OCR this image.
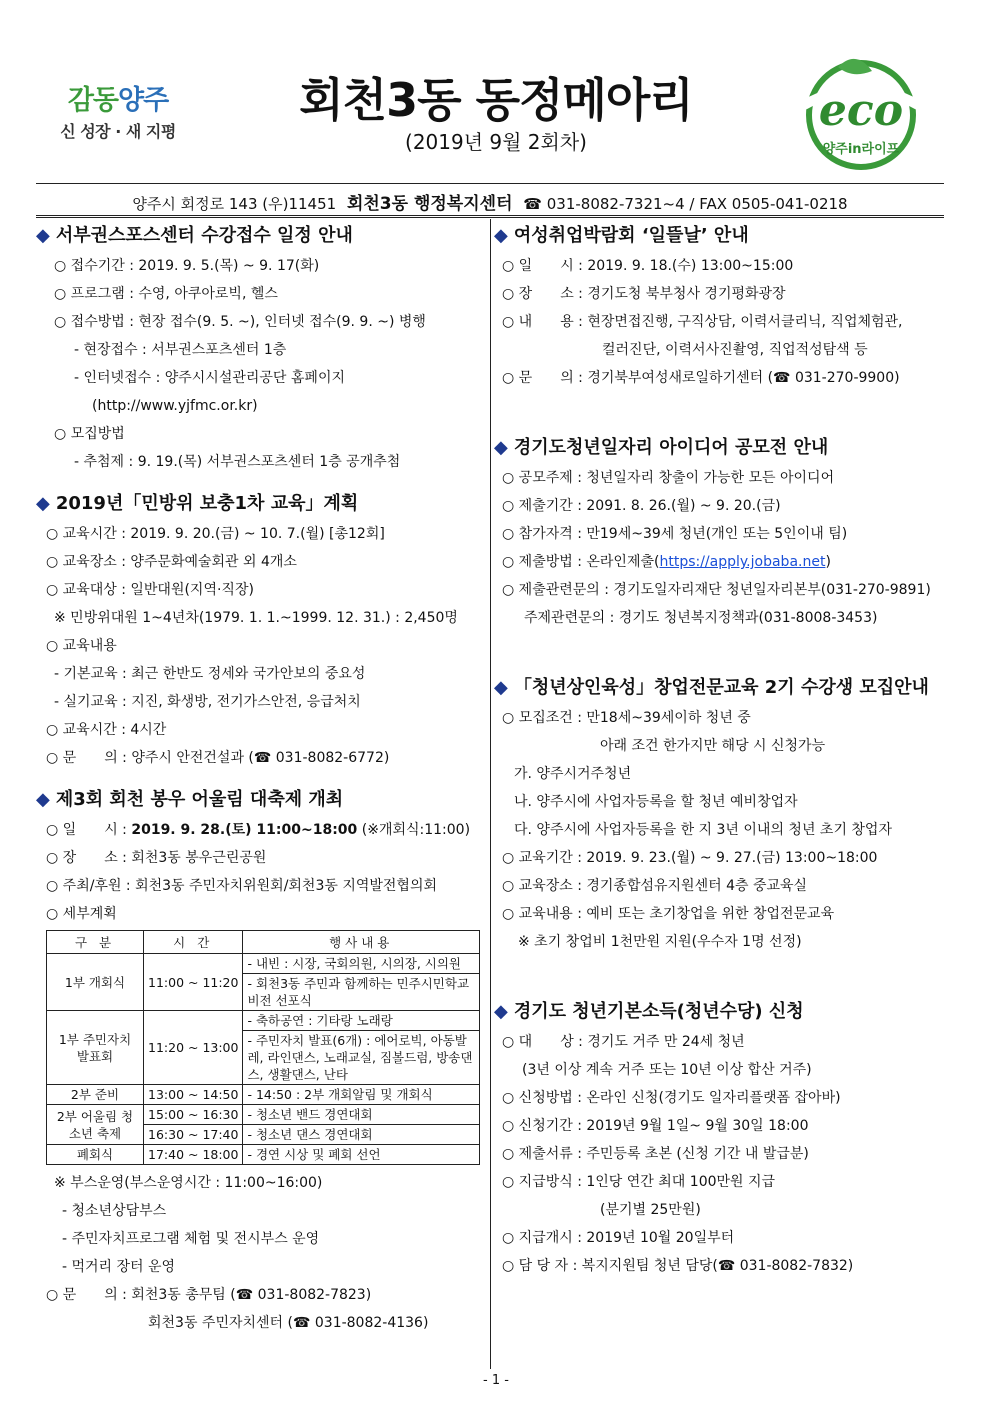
감동양주
신 성장 · 새 지평
회천3동 동정메아리
(2019년 9월 2회차)
eco
양주in라이프
양주시 회정로 143 (우)11451 회천3동 행정복지센터 ☎ 031-8082-7321~4 / FAX 0505-041-0218
◆ 서부권스포스센터 수강접수 일정 안내
○ 접수기간 : 2019. 9. 5.(목) ~ 9. 17(화)
○ 프로그램 : 수영, 아쿠아로빅, 헬스
○ 접수방법 : 현장 접수(9. 5. ~), 인터넷 접수(9. 9. ~) 병행
- 현장접수 : 서부권스포츠센터 1층
- 인터넷접수 : 양주시시설관리공단 홈페이지
(http://www.yjfmc.or.kr)
○ 모집방법
- 추첨제 : 9. 19.(목) 서부권스포츠센터 1층 공개추첨
◆ 2019년「민방위 보충1차 교육」계획
○ 교육시간 : 2019. 9. 20.(금) ~ 10. 7.(월) [총12회]
○ 교육장소 : 양주문화예술회관 외 4개소
○ 교육대상 : 일반대원(지역·직장)
※ 민방위대원 1~4년차(1979. 1. 1.~1999. 12. 31.) : 2,450명
○ 교육내용
- 기본교육 : 최근 한반도 정세와 국가안보의 중요성
- 실기교육 : 지진, 화생방, 전기가스안전, 응급처치
○ 교육시간 : 4시간
○ 문　　의 : 양주시 안전건설과 (☎ 031-8082-6772)
◆ 제3회 회천 봉우 어울림 대축제 개최
○ 일　　시 : 2019. 9. 28.(토) 11:00~18:00 (※개회식:11:00)
○ 장　　소 : 회천3동 봉우근린공원
○ 주최/후원 : 회천3동 주민자치위원회/회천3동 지역발전협의회
○ 세부계획
구 분	시 간	행사내용
1부 개회식	11:00 ~ 11:20	- 내빈 : 시장, 국회의원, 시의장, 시의원
		- 회천3동 주민과 함께하는 민주시민학교 비전 선포식
1부 주민자치 발표회	11:20 ~ 13:00	- 축하공연 : 기타랑 노래랑
		- 주민자치 발표(6개) : 에어로빅, 아동발레, 라인댄스, 노래교실, 짐볼드럼, 방송댄스, 생활댄스, 난타
2부 준비	13:00 ~ 14:50	- 14:50 : 2부 개회알림 및 개회식
2부 어울림 청소년 축제	15:00 ~ 16:30	- 청소년 밴드 경연대회
	16:30 ~ 17:40	- 청소년 댄스 경연대회
폐회식	17:40 ~ 18:00	- 경연 시상 및 폐회 선언
※ 부스운영(부스운영시간 : 11:00~16:00)
- 청소년상담부스
- 주민자치프로그램 체험 및 전시부스 운영
- 먹거리 장터 운영
○ 문　　의 : 회천3동 총무팀 (☎ 031-8082-7823)
회천3동 주민자치센터 (☎ 031-8082-4136)
◆ 여성취업박람회 ‘일뜰날’ 안내
○ 일　　시 : 2019. 9. 18.(수) 13:00~15:00
○ 장　　소 : 경기도청 북부청사 경기평화광장
○ 내　　용 : 현장면접진행, 구직상담, 이력서클리닉, 직업체험관,
컬러진단, 이력서사진촬영, 직업적성탐색 등
○ 문　　의 : 경기북부여성새로일하기센터 (☎ 031-270-9900)
◆ 경기도청년일자리 아이디어 공모전 안내
○ 공모주제 : 청년일자리 창출이 가능한 모든 아이디어
○ 제출기간 : 2091. 8. 26.(월) ~ 9. 20.(금)
○ 참가자격 : 만19세~39세 청년(개인 또는 5인이내 팀)
○ 제출방법 : 온라인제출(https://apply.jobaba.net)
○ 제출관련문의 : 경기도일자리재단 청년일자리본부(031-270-9891)
주제관련문의 : 경기도 청년복지정책과(031-8008-3453)
◆ 「청년상인육성」창업전문교육 2기 수강생 모집안내
○ 모집조건 : 만18세~39세이하 청년 중
아래 조건 한가지만 해당 시 신청가능
가. 양주시거주청년
나. 양주시에 사업자등록을 할 청년 예비창업자
다. 양주시에 사업자등록을 한 지 3년 이내의 청년 초기 창업자
○ 교육기간 : 2019. 9. 23.(월) ~ 9. 27.(금) 13:00~18:00
○ 교육장소 : 경기종합섬유지원센터 4층 중교육실
○ 교육내용 : 예비 또는 초기창업을 위한 창업전문교육
※ 초기 창업비 1천만원 지원(우수자 1명 선정)
◆ 경기도 청년기본소득(청년수당) 신청
○ 대　　상 : 경기도 거주 만 24세 청년
(3년 이상 계속 거주 또는 10년 이상 합산 거주)
○ 신청방법 : 온라인 신청(경기도 일자리플랫폼 잡아바)
○ 신청기간 : 2019년 9월 1일~ 9월 30일 18:00
○ 제출서류 : 주민등록 초본 (신청 기간 내 발급분)
○ 지급방식 : 1인당 연간 최대 100만원 지급
(분기별 25만원)
○ 지급개시 : 2019년 10월 20일부터
○ 담 당 자 : 복지지원팀 청년 담당(☎ 031-8082-7832)
- 1 -
